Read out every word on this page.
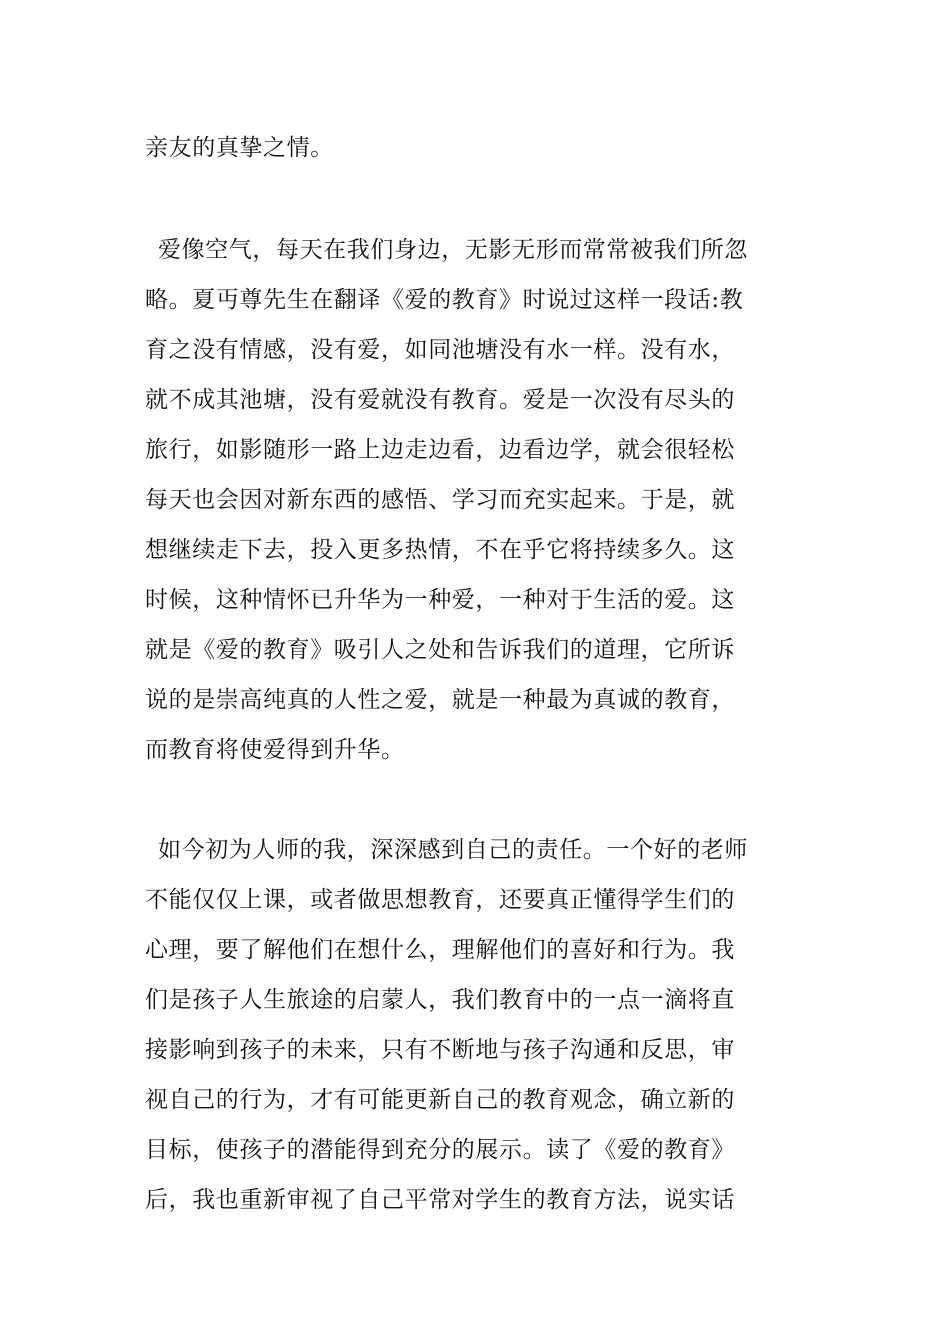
亲友的真挚之情。
爱像空气，每天在我们身边，无影无形而常常被我们所忽
略。夏丏尊先生在翻译《爱的教育》时说过这样一段话:教
育之没有情感，没有爱，如同池塘没有水一样。没有水，
就不成其池塘，没有爱就没有教育。爱是一次没有尽头的
旅行，如影随形一路上边走边看，边看边学，就会很轻松
每天也会因对新东西的感悟、学习而充实起来。于是，就
想继续走下去，投入更多热情，不在乎它将持续多久。这
时候，这种情怀已升华为一种爱，一种对于生活的爱。这
就是《爱的教育》吸引人之处和告诉我们的道理，它所诉
说的是崇高纯真的人性之爱，就是一种最为真诚的教育，
而教育将使爱得到升华。
如今初为人师的我，深深感到自己的责任。一个好的老师
不能仅仅上课，或者做思想教育，还要真正懂得学生们的
心理，要了解他们在想什么，理解他们的喜好和行为。我
们是孩子人生旅途的启蒙人，我们教育中的一点一滴将直
接影响到孩子的未来，只有不断地与孩子沟通和反思，审
视自己的行为，才有可能更新自己的教育观念，确立新的
目标，使孩子的潜能得到充分的展示。读了《爱的教育》
后，我也重新审视了自己平常对学生的教育方法，说实话
